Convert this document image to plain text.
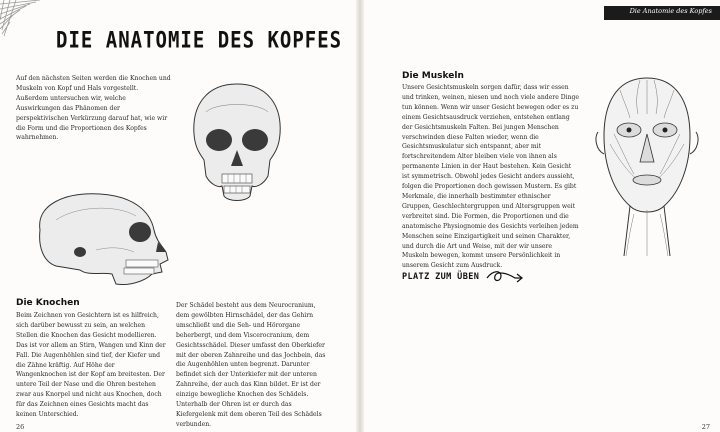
Die Anatomie des Kopfes
DIE ANATOMIE DES KOPFES

Auf den nächsten Seiten werden die Knochen und Muskeln von Kopf und Hals vorgestellt. Außerdem untersuchen wir, welche Auswirkungen das Phänomen der perspektivischen Verkürzung darauf hat, wie wir die Form und die Proportionen des Kopfes wahrnehmen.

Die Knochen

Beim Zeichnen von Gesichtern ist es hilfreich, sich darüber bewusst zu sein, an welchen Stellen die Knochen das Gesicht modellieren. Das ist vor allem an Stirn, Wangen und Kinn der Fall. Die Augenhöhlen sind tief, der Kiefer und die Zähne kräftig. Auf Höhe der Wangenknochen ist der Kopf am breitesten. Der untere Teil der Nase und die Ohren bestehen zwar aus Knorpel und nicht aus Knochen, doch für das Zeichnen eines Gesichts macht das keinen Unterschied.

Der Schädel besteht aus dem Neurocranium, dem gewölbten Hirnschädel, der das Gehirn umschließt und die Seh- und Hörorgane beherbergt, und dem Viscerocranium, dem Gesichtsschädel. Dieser umfasst den Oberkiefer mit der oberen Zahnreihe und das Jochbein, das die Augenhöhlen unten begrenzt. Darunter befindet sich der Unterkiefer mit der unteren Zahnreihe, der auch das Kinn bildet. Er ist der einzige bewegliche Knochen des Schädels. Unterhalb der Ohren ist er durch das Kiefergelenk mit dem oberen Teil des Schädels verbunden.

Die Muskeln

Unsere Gesichtsmuskeln sorgen dafür, dass wir essen und trinken, weinen, niesen und noch viele andere Dinge tun können. Wenn wir unser Gesicht bewegen oder es zu einem Gesichtsausdruck verziehen, entstehen entlang der Gesichtsmuskeln Falten. Bei jungen Menschen verschwinden diese Falten wieder, wenn die Gesichtsmuskulatur sich entspannt, aber mit fortschreitendem Alter bleiben viele von ihnen als permanente Linien in der Haut bestehen. Kein Gesicht ist symmetrisch. Obwohl jedes Gesicht anders aussieht, folgen die Proportionen doch gewissen Mustern. Es gibt Merkmale, die innerhalb bestimmter ethnischer Gruppen, Geschlechtergruppen und Altersgruppen weit verbreitet sind. Die Formen, die Proportionen und die anatomische Physiognomie des Gesichts verleihen jedem Menschen seine Einzigartigkeit und seinen Charakter, und durch die Art und Weise, mit der wir unsere Muskeln bewegen, kommt unsere Persönlichkeit in unserem Gesicht zum Ausdruck.

PLATZ ZUM ÜBEN
26	27
